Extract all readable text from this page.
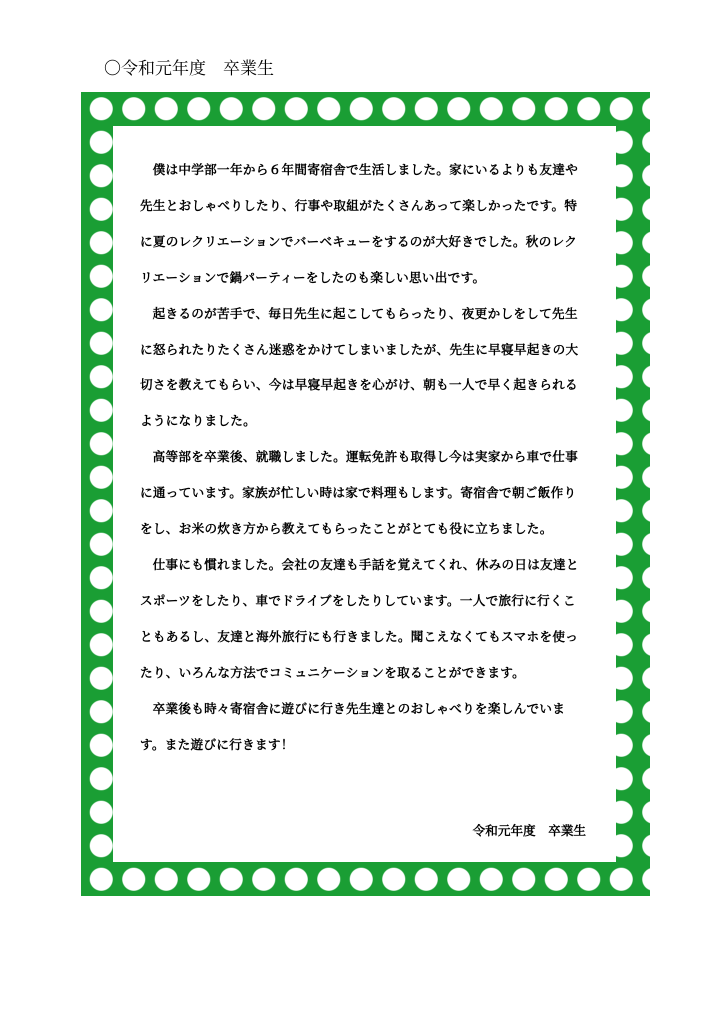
〇令和元年度　卒業生

僕は中学部一年から６年間寄宿舎で生活しました。家にいるよりも友達や先生とおしゃべりしたり、行事や取組がたくさんあって楽しかったです。特に夏のレクリエーションでバーベキューをするのが大好きでした。秋のレクリエーションで鍋パーティーをしたのも楽しい思い出です。

起きるのが苦手で、毎日先生に起こしてもらったり、夜更かしをして先生に怒られたりたくさん迷惑をかけてしまいましたが、先生に早寝早起きの大切さを教えてもらい、今は早寝早起きを心がけ、朝も一人で早く起きられるようになりました。

高等部を卒業後、就職しました。運転免許も取得し今は実家から車で仕事に通っています。家族が忙しい時は家で料理もします。寄宿舎で朝ご飯作りをし、お米の炊き方から教えてもらったことがとても役に立ちました。

仕事にも慣れました。会社の友達も手話を覚えてくれ、休みの日は友達とスポーツをしたり、車でドライブをしたりしています。一人で旅行に行くこともあるし、友達と海外旅行にも行きました。聞こえなくてもスマホを使ったり、いろんな方法でコミュニケーションを取ることができます。

卒業後も時々寄宿舎に遊びに行き先生達とのおしゃべりを楽しんでいます。また遊びに行きます！

令和元年度　卒業生
